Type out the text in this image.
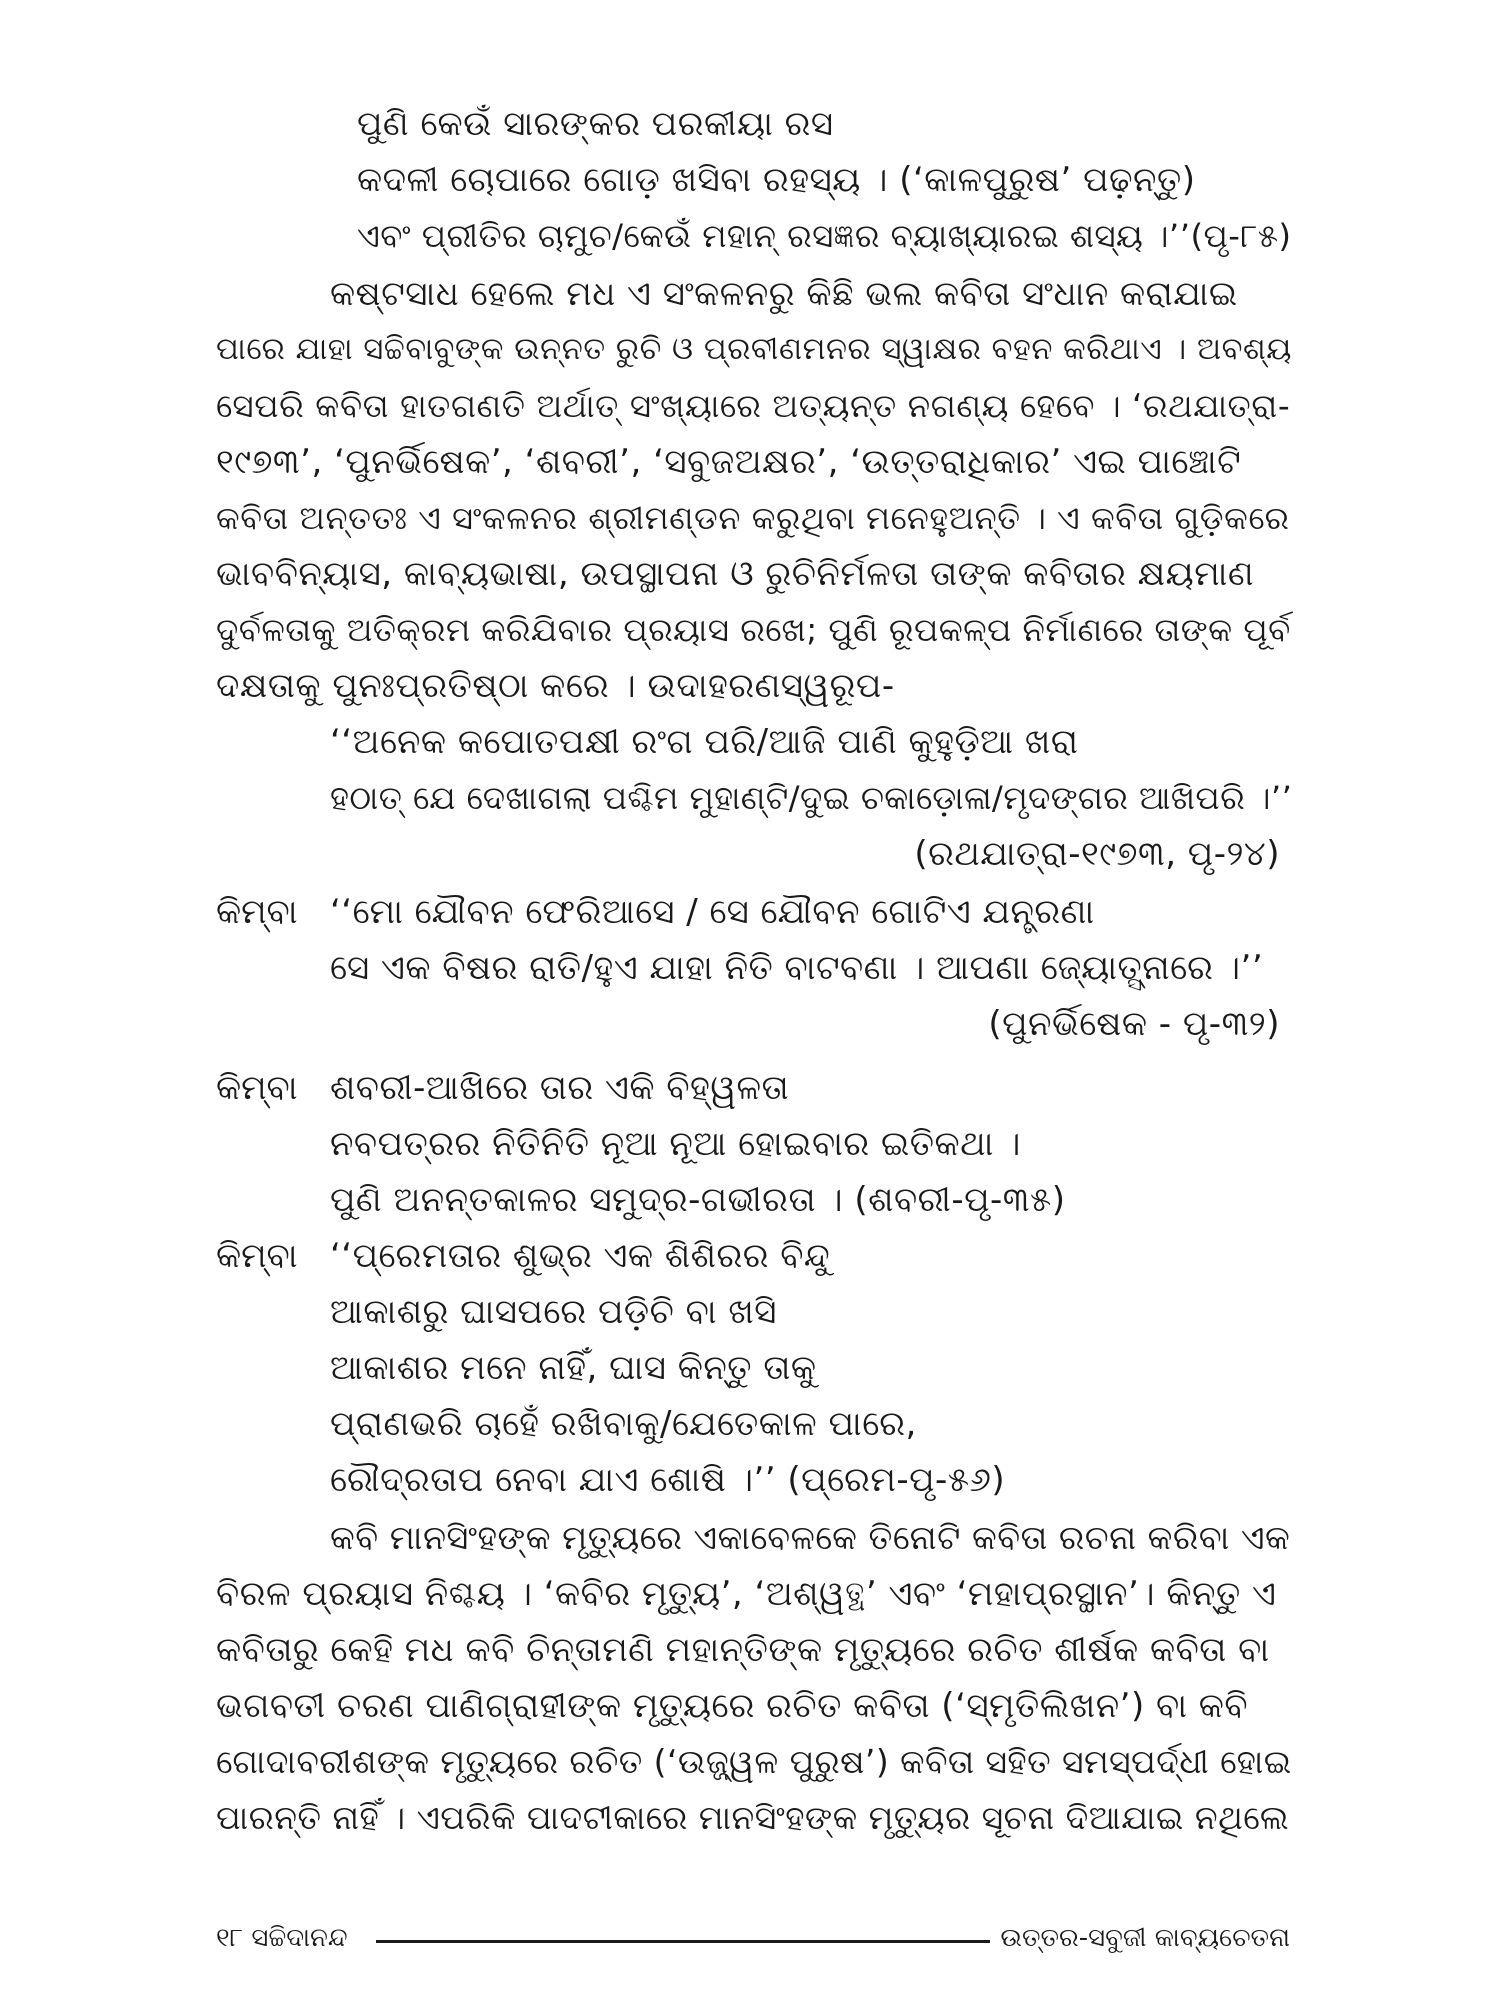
ପୁଣି କେଉଁ ସାରଙ୍କର ପରକୀୟା ରସ
କଦଳୀ ଚୋପାରେ ଗୋଡ଼ ଖସିବା ରହସ୍ୟ । (‘କାଳପୁରୁଷ’ ପଢ଼ନ୍ତୁ)
ଏବଂ ପ୍ରୀତିର ଚାମୁଚ/କେଉଁ ମହାନ୍ ରସଜ୍ଞର ବ୍ୟାଖ୍ୟାରଇ ଶସ୍ୟ ।’’(ପୃ-୮୫)
କଷ୍ଟସାଧ ହେଲେ ମଧ ଏ ସଂକଳନରୁ କିଛି ଭଲ କବିତା ସଂଧାନ କରାଯାଇ
ପାରେ ଯାହା ସଚ୍ଚିବାବୁଙ୍କ ଉନ୍ନତ ରୁଚି ଓ ପ୍ରବୀଣମନର ସ୍ୱାକ୍ଷର ବହନ କରିଥାଏ । ଅବଶ୍ୟ
ସେପରି କବିତା ହାତଗଣତି ଅର୍ଥାତ୍ ସଂଖ୍ୟାରେ ଅତ୍ୟନ୍ତ ନଗଣ୍ୟ ହେବେ । ‘ରଥଯାତ୍ରା-
୧୯୭୩’, ‘ପୁନର୍ଭିଷେକ’, ‘ଶବରୀ’, ‘ସବୁଜଅକ୍ଷର’, ‘ଉତ୍ତରାଧିକାର’ ଏଇ ପାଞ୍ଚୋଟି
କବିତା ଅନ୍ତତଃ ଏ ସଂକଳନର ଶ୍ରୀମଣ୍ଡନ କରୁଥିବା ମନେହୁଅନ୍ତି । ଏ କବିତା ଗୁଡ଼ିକରେ
ଭାବବିନ୍ୟାସ, କାବ୍ୟଭାଷା, ଉପସ୍ଥାପନା ଓ ରୁଚିନିର୍ମଳତା ତାଙ୍କ କବିତାର କ୍ଷୟମାଣ
ଦୁର୍ବଳତାକୁ ଅତିକ୍ରମ କରିଯିବାର ପ୍ରୟାସ ରଖେ; ପୁଣି ରୂପକଳ୍ପ ନିର୍ମାଣରେ ତାଙ୍କ ପୂର୍ବ
ଦକ୍ଷତାକୁ ପୁନଃପ୍ରତିଷ୍ଠା କରେ । ଉଦାହରଣସ୍ୱରୂପ-
‘‘ଅନେକ କପୋତପକ୍ଷୀ ରଂଗ ପରି/ଆଜି ପାଣି କୁହୁଡ଼ିଆ ଖରା
ହଠାତ୍ ଯେ ଦେଖାଗଲା ପଶ୍ଚିମ ମୁହାଣ୍ଟି/ଦୁଇ ଚକାଡ଼ୋଳା/ମୃଦଙ୍ଗର ଆଖିପରି ।’’
(ରଥଯାତ୍ରା-୧୯୭୩, ପୃ-୨୪)
କିମ୍ବା ‘‘ମୋ ଯୌବନ ଫେରିଆସେ / ସେ ଯୌବନ ଗୋଟିଏ ଯନ୍ତ୍ରଣା
ସେ ଏକ ବିଷର ରାତି/ହୁଏ ଯାହା ନିତି ବାଟବଣା । ଆପଣା ଜ୍ୟୋତ୍ସ୍ନାରେ ।’’
(ପୁନର୍ଭିଷେକ - ପୃ-୩୨)
କିମ୍ବା ଶବରୀ-ଆଖିରେ ତାର ଏକି ବିହ୍ୱଳତା
ନବପତ୍ରର ନିତିନିତି ନୂଆ ନୂଆ ହୋଇବାର ଇତିକଥା ।
ପୁଣି ଅନନ୍ତକାଳର ସମୁଦ୍ର-ଗଭୀରତା । (ଶବରୀ-ପୃ-୩୫)
କିମ୍ବା ‘‘ପ୍ରେମତାର ଶୁଭ୍ର ଏକ ଶିଶିରର ବିନ୍ଦୁ
ଆକାଶରୁ ଘାସପରେ ପଡ଼ିଚି ବା ଖସି
ଆକାଶର ମନେ ନାହିଁ, ଘାସ କିନ୍ତୁ ତାକୁ
ପ୍ରାଣଭରି ଚାହେଁ ରଖିବାକୁ/ଯେତେକାଳ ପାରେ,
ରୌଦ୍ରତାପ ନେବା ଯାଏ ଶୋଷି ।’’ (ପ୍ରେମ-ପୃ-୫୬)
କବି ମାନସିଂହଙ୍କ ମୃତ୍ୟୁରେ ଏକାବେଳକେ ତିନୋଟି କବିତା ରଚନା କରିବା ଏକ
ବିରଳ ପ୍ରୟାସ ନିଶ୍ଚୟ । ‘କବିର ମୃତ୍ୟୁ’, ‘ଅଶ୍ୱତ୍ଥ’ ଏବଂ ‘ମହାପ୍ରସ୍ଥାନ’। କିନ୍ତୁ ଏ
କବିତାରୁ କେହି ମଧ କବି ଚିନ୍ତାମଣି ମହାନ୍ତିଙ୍କ ମୃତ୍ୟୁରେ ରଚିତ ଶୀର୍ଷକ କବିତା ବା
ଭଗବତୀ ଚରଣ ପାଣିଗ୍ରାହୀଙ୍କ ମୃତ୍ୟୁରେ ରଚିତ କବିତା (‘ସ୍ମୃତିଲିଖନ’) ବା କବି
ଗୋଦାବରୀଶଙ୍କ ମୃତ୍ୟୁରେ ରଚିତ (‘ଉଜ୍ଜ୍ୱଳ ପୁରୁଷ’) କବିତା ସହିତ ସମସ୍ପର୍ଦ୍ଧୀ ହୋଇ
ପାରନ୍ତି ନାହିଁ । ଏପରିକି ପାଦଟୀକାରେ ମାନସିଂହଙ୍କ ମୃତ୍ୟୁର ସୂଚନା ଦିଆଯାଇ ନଥିଲେ
୧୮ ସଚ୍ଚିଦାନନ୍ଦ	ଉତ୍ତର-ସବୁଜୀ କାବ୍ୟଚେତନା
